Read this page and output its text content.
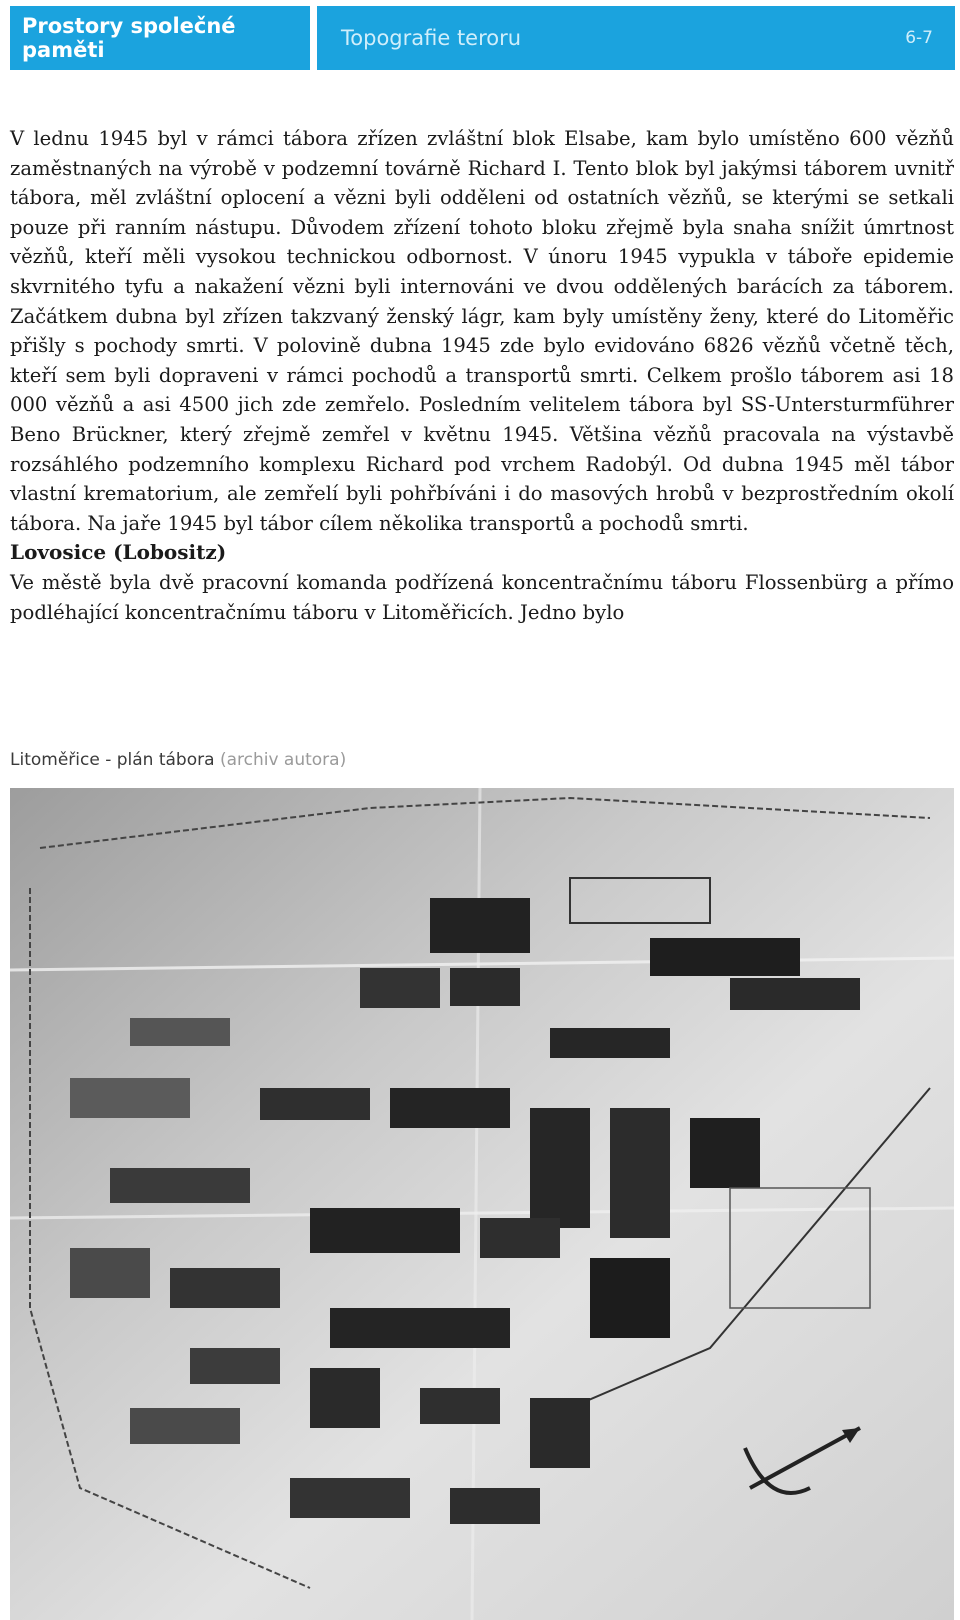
Prostory společné paměti	Topografie teroru	6-7

V lednu 1945 byl v rámci tábora zřízen zvláštní blok Elsabe, kam bylo umístěno 600 vězňů zaměstnaných na výrobě v podzemní továrně Richard I. Tento blok byl jakýmsi táborem uvnitř tábora, měl zvláštní oplocení a vězni byli odděleni od ostatních vězňů, se kterými se setkali pouze při ranním nástupu. Důvodem zřízení tohoto bloku zřejmě byla snaha snížit úmrtnost vězňů, kteří měli vysokou technickou odbornost. V únoru 1945 vypukla v táboře epidemie skvrnitého tyfu a nakažení vězni byli internováni ve dvou oddělených barácích za táborem. Začátkem dubna byl zřízen takzvaný ženský lágr, kam byly umístěny ženy, které do Litoměřic přišly s pochody smrti. V polovině dubna 1945 zde bylo evidováno 6826 vězňů včetně těch, kteří sem byli dopraveni v rámci pochodů a transportů smrti. Celkem prošlo táborem asi 18 000 vězňů a asi 4500 jich zde zemřelo. Posledním velitelem tábora byl SS-Untersturmführer Beno Brückner, který zřejmě zemřel v květnu 1945. Většina vězňů pracovala na výstavbě rozsáhlého podzemního komplexu Richard pod vrchem Radobýl. Od dubna 1945 měl tábor vlastní krematorium, ale zemřelí byli pohřbíváni i do masových hrobů v bezprostředním okolí tábora. Na jaře 1945 byl tábor cílem několika transportů a pochodů smrti.

Lovosice (Lobositz)

Ve městě byla dvě pracovní komanda podřízená koncentračnímu táboru Flossenbürg a přímo podléhající koncentračnímu táboru v Litoměřicích. Jedno bylo

Litoměřice - plán tábora (archiv autora)
